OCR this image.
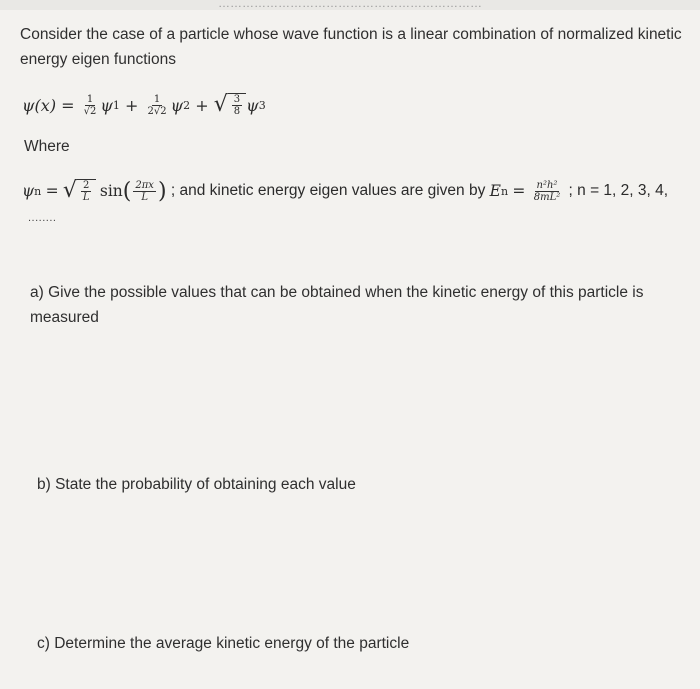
…………………………………………………………
Consider the case of a particle whose wave function is a linear combination of normalized kinetic energy eigen functions
ψ(x) =
$\frac{1}{√2}$ ψ 1
+
$\frac{1}{2√2}$ ψ 2
+
√ $\frac{3}{8}$ ψ 3
Where
ψ n
=
√ $\frac{2}{L}$
sin ( $\frac{2\pi x}{L}$ )
; and kinetic energy eigen values are given by
E n
=
$\frac{\text{n²h²}}{\text{8mL²}}$
; n = 1, 2, 3, 4,
........
a) Give the possible values that can be obtained when the kinetic energy of this particle is measured
b) State the probability of obtaining each value
c) Determine the average kinetic energy of the particle
